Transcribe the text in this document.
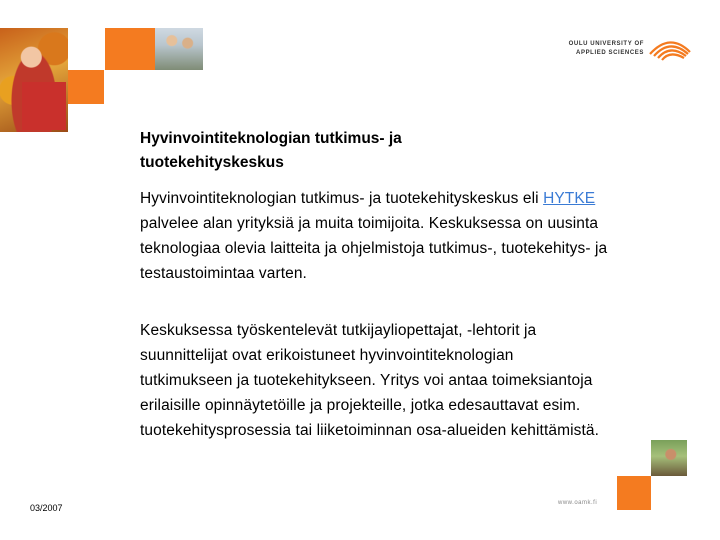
OULU UNIVERSITY OF
APPLIED SCIENCES
Hyvinvointiteknologian tutkimus- ja tuotekehityskeskus
Hyvinvointiteknologian tutkimus- ja tuotekehityskeskus eli HYTKE palvelee alan yrityksiä ja muita toimijoita. Keskuksessa on uusinta teknologiaa olevia laitteita ja ohjelmistoja tutkimus-, tuotekehitys- ja testaustoimintaa varten.
Keskuksessa työskentelevät tutkijayliopettajat, -lehtorit ja suunnittelijat ovat erikoistuneet hyvinvointiteknologian tutkimukseen ja tuotekehitykseen. Yritys voi antaa toimeksiantoja erilaisille opinnäytetöille ja projekteille, jotka edesauttavat esim. tuotekehitysprosessia tai liiketoiminnan osa-alueiden kehittämistä.
www.oamk.fi
03/2007
